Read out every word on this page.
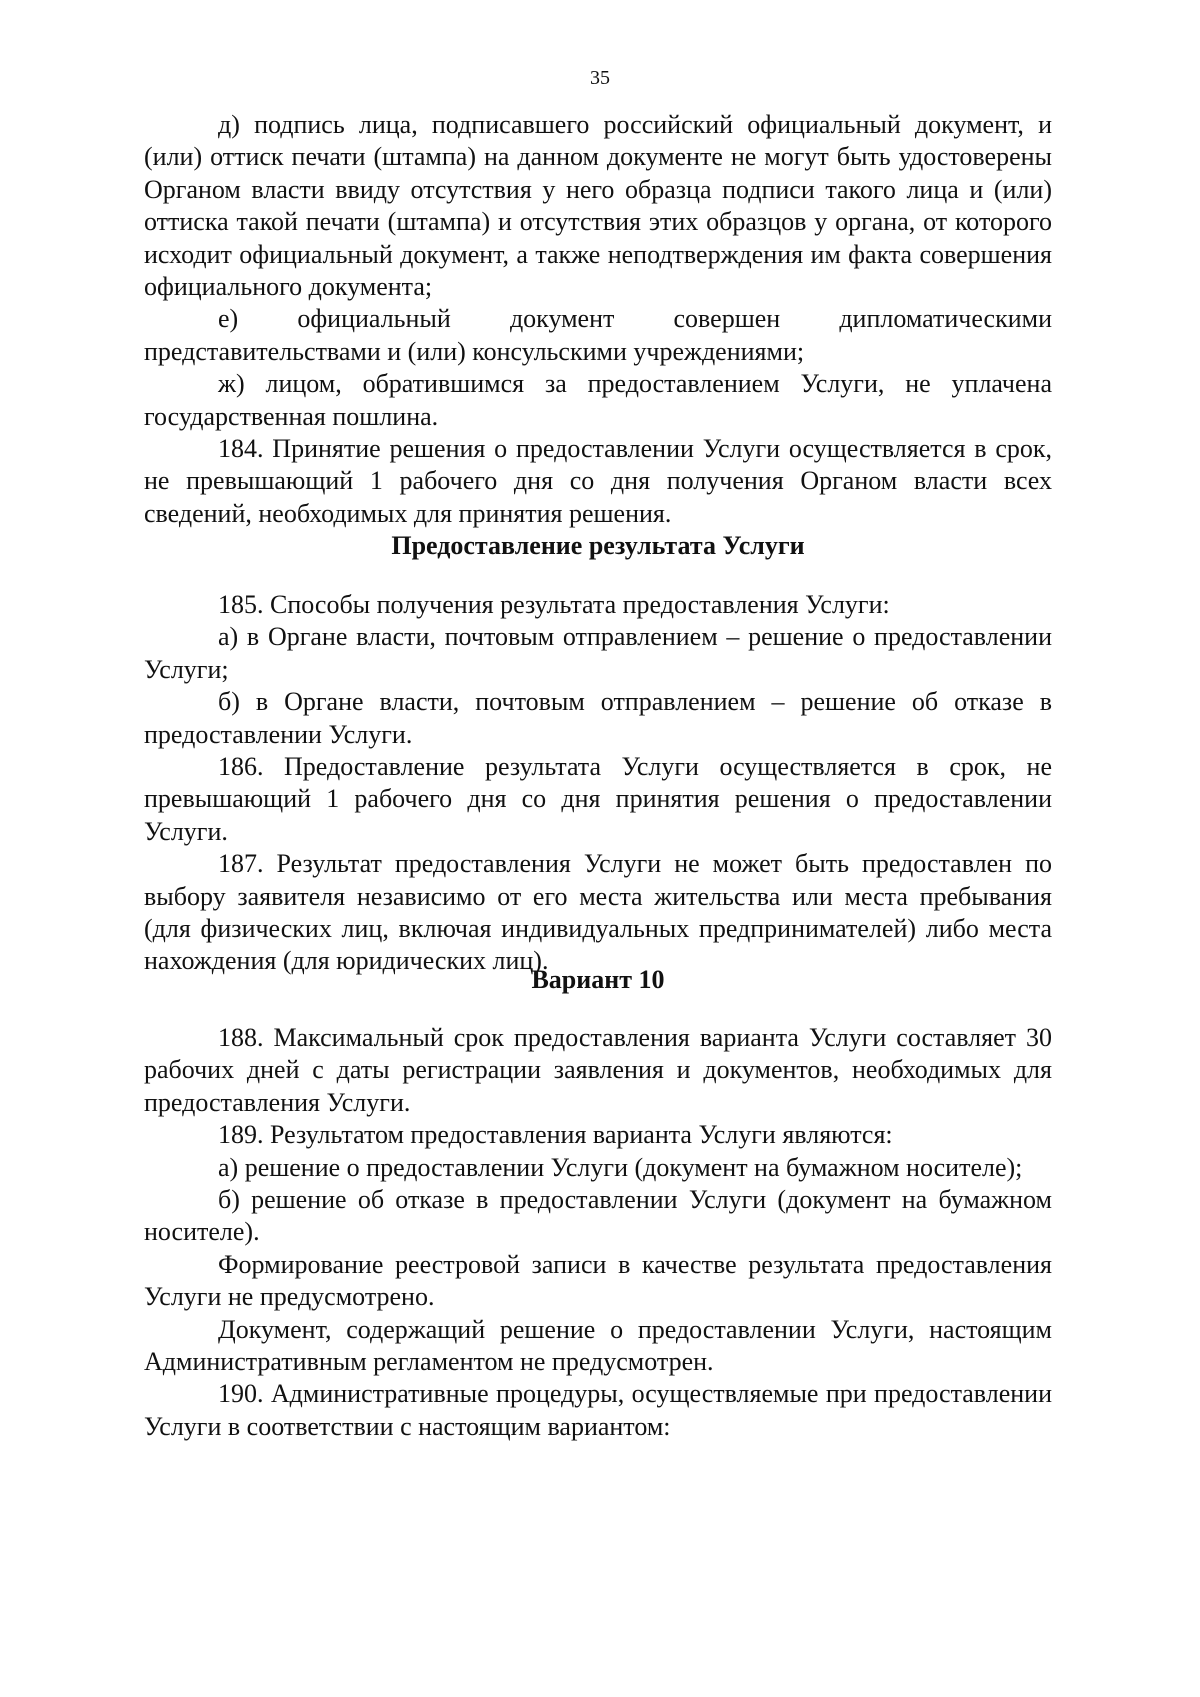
35

д) подпись лица, подписавшего российский официальный документ, и (или) оттиск печати (штампа) на данном документе не могут быть удостоверены Органом власти ввиду отсутствия у него образца подписи такого лица и (или) оттиска такой печати (штампа) и отсутствия этих образцов у органа, от которого исходит официальный документ, а также неподтверждения им факта совершения официального документа;

е) официальный документ совершен дипломатическими представительствами и (или) консульскими учреждениями;

ж) лицом, обратившимся за предоставлением Услуги, не уплачена государственная пошлина.

184. Принятие решения о предоставлении Услуги осуществляется в срок, не превышающий 1 рабочего дня со дня получения Органом власти всех сведений, необходимых для принятия решения.

Предоставление результата Услуги

185. Способы получения результата предоставления Услуги:

а) в Органе власти, почтовым отправлением – решение о предоставлении Услуги;

б) в Органе власти, почтовым отправлением – решение об отказе в предоставлении Услуги.

186. Предоставление результата Услуги осуществляется в срок, не превышающий 1 рабочего дня со дня принятия решения о предоставлении Услуги.

187. Результат предоставления Услуги не может быть предоставлен по выбору заявителя независимо от его места жительства или места пребывания (для физических лиц, включая индивидуальных предпринимателей) либо места нахождения (для юридических лиц).

Вариант 10

188. Максимальный срок предоставления варианта Услуги составляет 30 рабочих дней с даты регистрации заявления и документов, необходимых для предоставления Услуги.

189. Результатом предоставления варианта Услуги являются:

а) решение о предоставлении Услуги (документ на бумажном носителе);

б) решение об отказе в предоставлении Услуги (документ на бумажном носителе).

Формирование реестровой записи в качестве результата предоставления Услуги не предусмотрено.

Документ, содержащий решение о предоставлении Услуги, настоящим Административным регламентом не предусмотрен.

190. Административные процедуры, осуществляемые при предоставлении Услуги в соответствии с настоящим вариантом:
